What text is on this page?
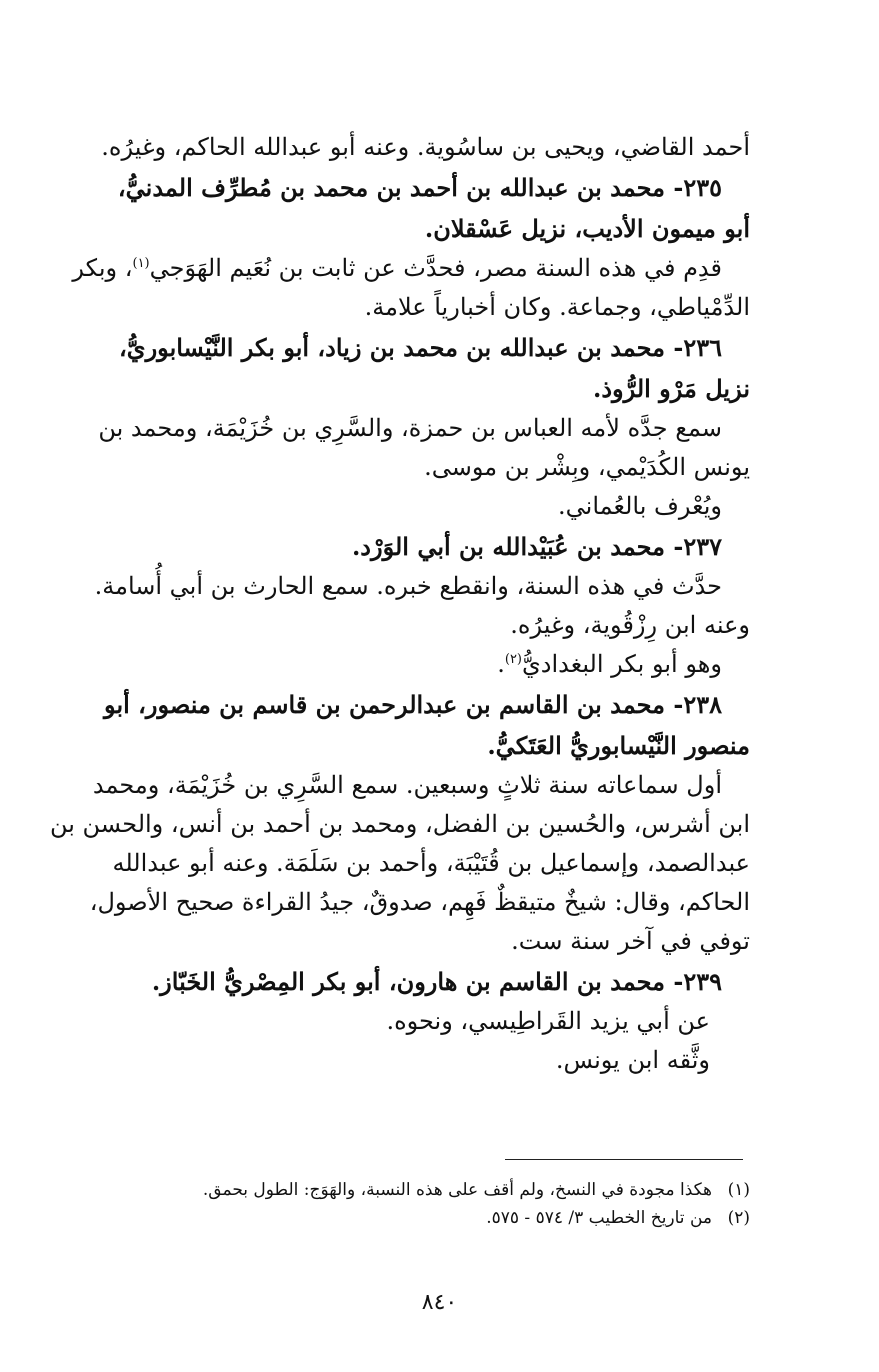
أحمد القاضي، ويحيى بن ساسُوية. وعنه أبو عبدالله الحاكم، وغيرُه.
٢٣٥- محمد بن عبدالله بن أحمد بن محمد بن مُطرِّف المدنيُّ،
أبو ميمون الأديب، نزيل عَسْقلان.
قدِم في هذه السنة مصر، فحدَّث عن ثابت بن نُعَيم الهَوَجي$^{(١)}$، وبكر
الدِّمْياطي، وجماعة. وكان أخبارياً علامة.
٢٣٦- محمد بن عبدالله بن محمد بن زياد، أبو بكر النَّيْسابوريُّ،
نزيل مَرْو الرُّوذ.
سمع جدَّه لأمه العباس بن حمزة، والسَّرِي بن خُزَيْمَة، ومحمد بن
يونس الكُدَيْمي، وبِشْر بن موسى.
ويُعْرف بالعُماني.
٢٣٧- محمد بن عُبَيْدالله بن أبي الوَرْد.
حدَّث في هذه السنة، وانقطع خبره. سمع الحارث بن أبي أُسامة.
وعنه ابن رِزْقُوية، وغيرُه.
وهو أبو بكر البغداديُّ$^{(٢)}$.
٢٣٨- محمد بن القاسم بن عبدالرحمن بن قاسم بن منصور، أبو
منصور النَّيْسابوريُّ العَتَكيُّ.
أول سماعاته سنة ثلاثٍ وسبعين. سمع السَّرِي بن خُزَيْمَة، ومحمد
ابن أشرس، والحُسين بن الفضل، ومحمد بن أحمد بن أنس، والحسن بن
عبدالصمد، وإسماعيل بن قُتَيْبَة، وأحمد بن سَلَمَة. وعنه أبو عبدالله
الحاكم، وقال: شيخٌ متيقظٌ فَهِم، صدوقٌ، جيدُ القراءة صحيح الأصول،
توفي في آخر سنة ست.
٢٣٩- محمد بن القاسم بن هارون، أبو بكر المِصْريُّ الخَبّاز.
عن أبي يزيد القَراطِيسي، ونحوه.
وثَّقه ابن يونس.
(١)هكذا مجودة في النسخ، ولم أقف على هذه النسبة، والهَوَج: الطول بحمق.
(٢)من تاريخ الخطيب ٣/ ٥٧٤ - ٥٧٥.
٨٤٠
